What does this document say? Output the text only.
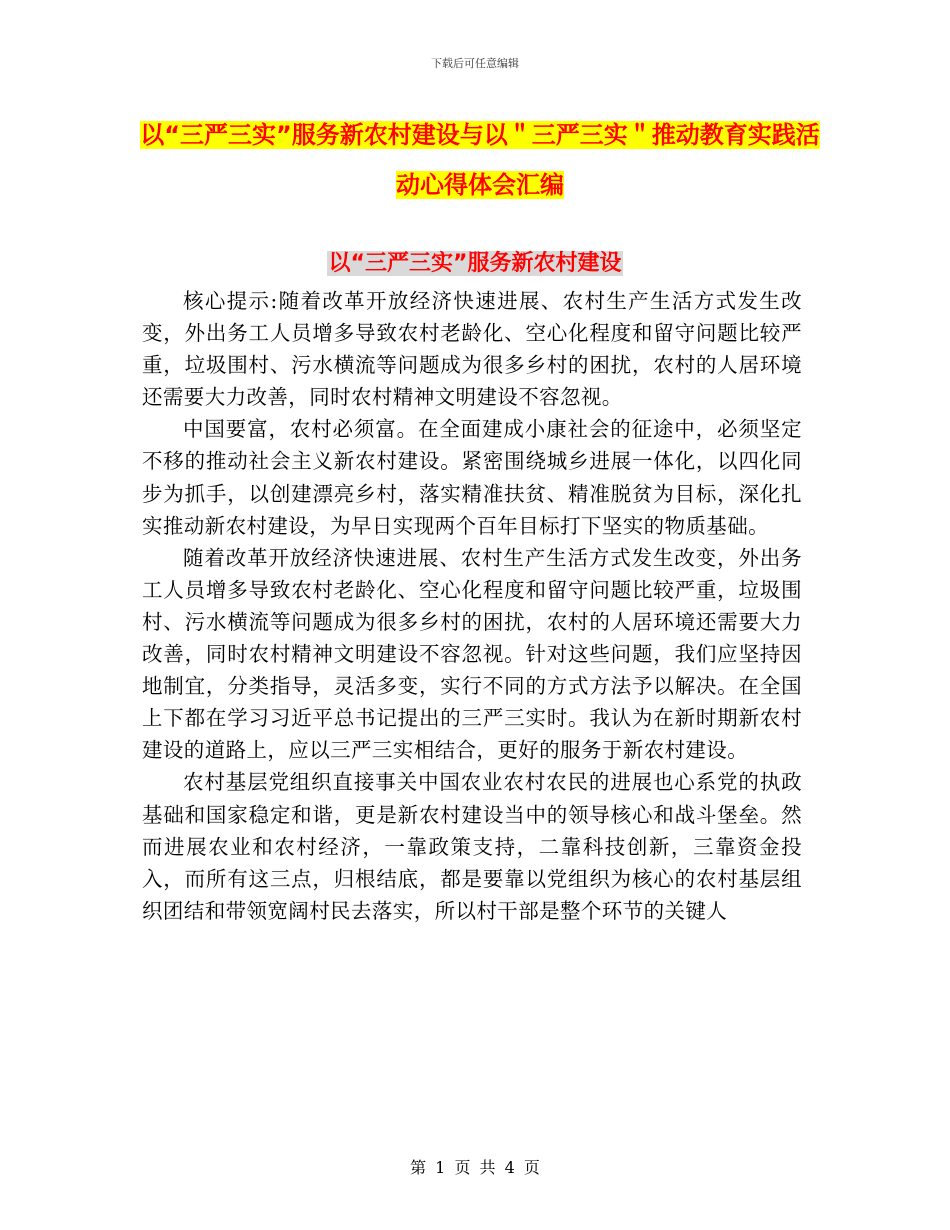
下载后可任意编辑
以“三严三实”服务新农村建设与以＂三严三实＂推动教育实践活动心得体会汇编
以“三严三实”服务新农村建设

核心提示:随着改革开放经济快速进展、农村生产生活方式发生改变，外出务工人员增多导致农村老龄化、空心化程度和留守问题比较严重，垃圾围村、污水横流等问题成为很多乡村的困扰，农村的人居环境还需要大力改善，同时农村精神文明建设不容忽视。

中国要富，农村必须富。在全面建成小康社会的征途中，必须坚定不移的推动社会主义新农村建设。紧密围绕城乡进展一体化，以四化同步为抓手，以创建漂亮乡村，落实精准扶贫、精准脱贫为目标，深化扎实推动新农村建设，为早日实现两个百年目标打下坚实的物质基础。

随着改革开放经济快速进展、农村生产生活方式发生改变，外出务工人员增多导致农村老龄化、空心化程度和留守问题比较严重，垃圾围村、污水横流等问题成为很多乡村的困扰，农村的人居环境还需要大力改善，同时农村精神文明建设不容忽视。针对这些问题，我们应坚持因地制宜，分类指导，灵活多变，实行不同的方式方法予以解决。在全国上下都在学习习近平总书记提出的三严三实时。我认为在新时期新农村建设的道路上，应以三严三实相结合，更好的服务于新农村建设。

农村基层党组织直接事关中国农业农村农民的进展也心系党的执政基础和国家稳定和谐，更是新农村建设当中的领导核心和战斗堡垒。然而进展农业和农村经济，一靠政策支持，二靠科技创新，三靠资金投入，而所有这三点，归根结底，都是要靠以党组织为核心的农村基层组织团结和带领宽阔村民去落实，所以村干部是整个环节的关键人

第 1 页 共 4 页
